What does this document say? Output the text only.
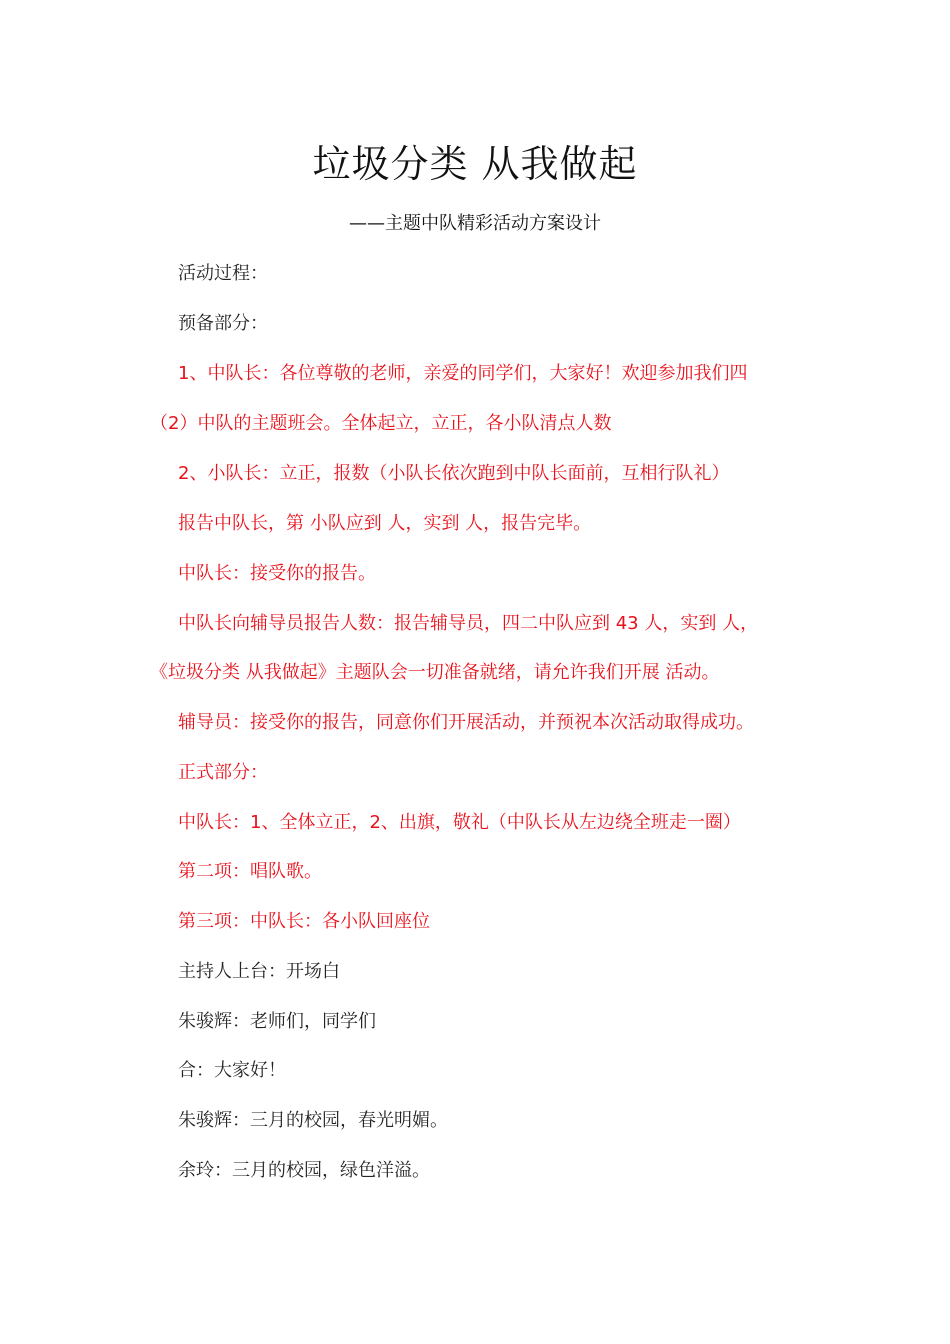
垃圾分类 从我做起
——主题中队精彩活动方案设计
活动过程：
预备部分：
1、中队长：各位尊敬的老师，亲爱的同学们，大家好！欢迎参加我们四
（2）中队的主题班会。全体起立，立正，各小队清点人数
2、小队长：立正，报数（小队长依次跑到中队长面前，互相行队礼）
报告中队长，第 小队应到 人，实到 人，报告完毕。
中队长：接受你的报告。
中队长向辅导员报告人数：报告辅导员，四二中队应到 43 人，实到 人，
《垃圾分类 从我做起》主题队会一切准备就绪，请允许我们开展 活动。
辅导员：接受你的报告，同意你们开展活动，并预祝本次活动取得成功。
正式部分：
中队长：1、全体立正，2、出旗，敬礼（中队长从左边绕全班走一圈）
第二项：唱队歌。
第三项：中队长：各小队回座位
主持人上台：开场白
朱骏辉：老师们，同学们
合：大家好！
朱骏辉：三月的校园，春光明媚。
余玲：三月的校园，绿色洋溢。
